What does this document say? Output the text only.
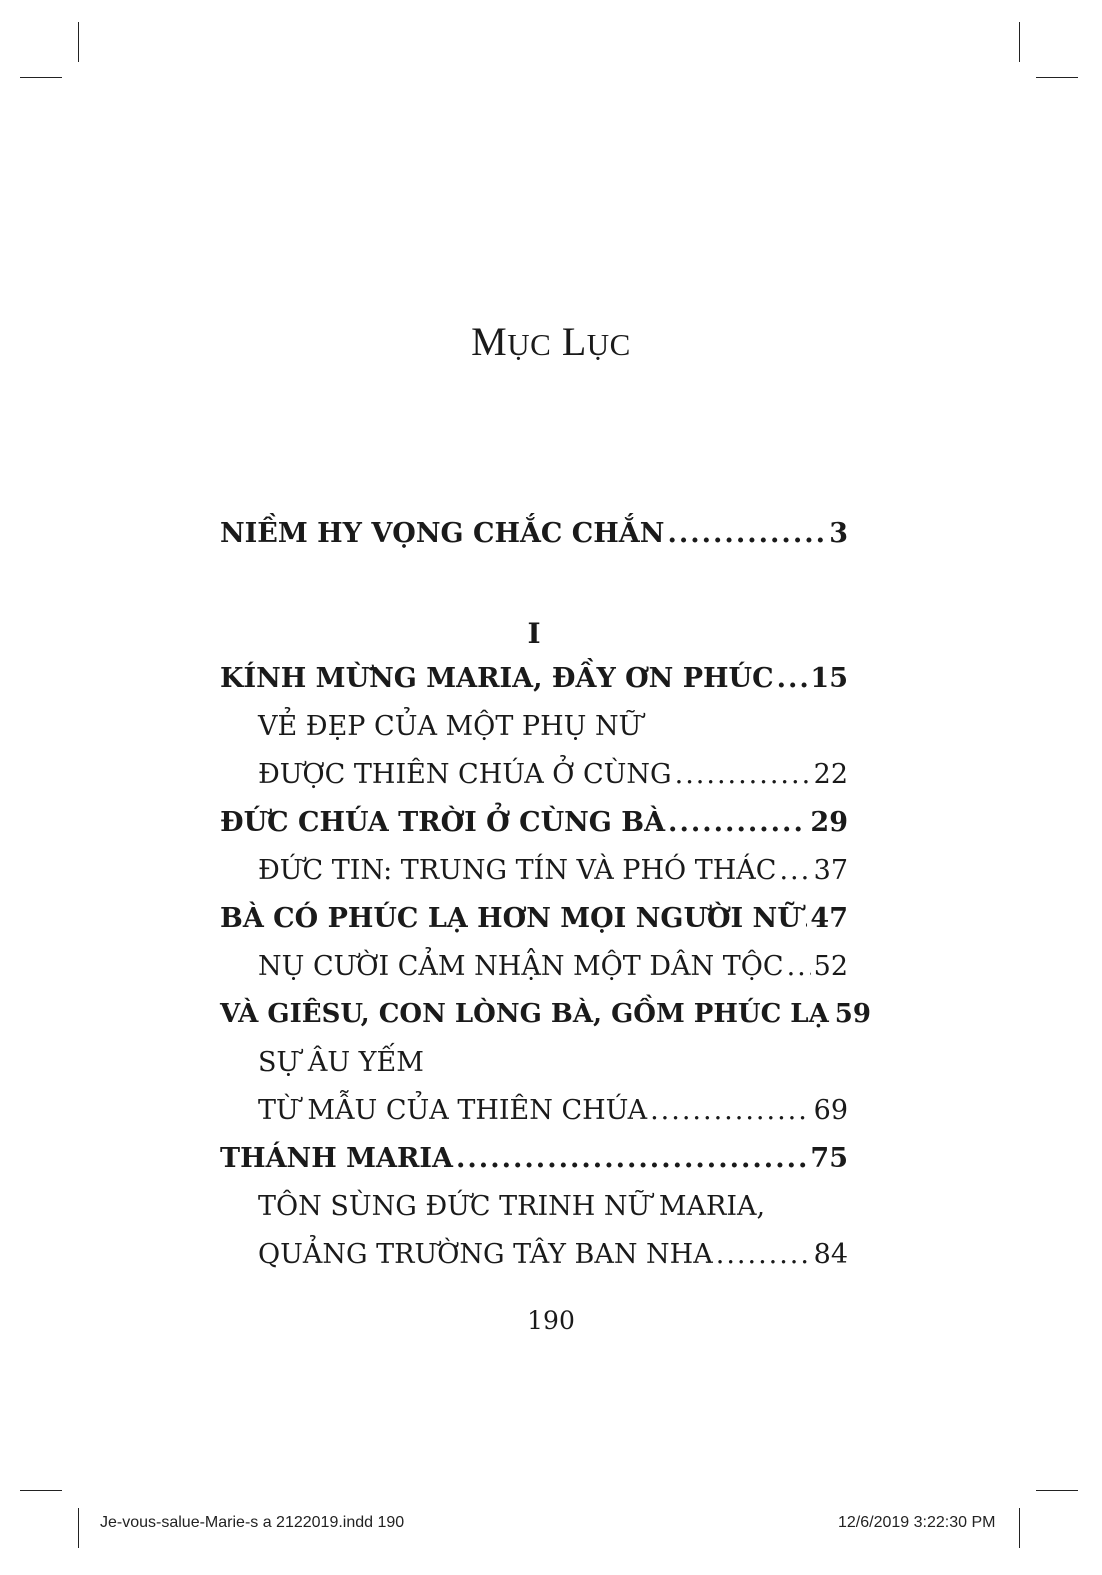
MỤC LỤC
NIỀM HY VỌNG CHẮC CHẮN .....	3
I
KÍNH MỪNG MARIA, ĐẦY ƠN PHÚC ..... 15
VẺ ĐẸP CỦA MỘT PHỤ NỮ
ĐƯỢC THIÊN CHÚA Ở CÙNG .....	22
ĐỨC CHÚA TRỜI Ở CÙNG BÀ .....	29
ĐỨC TIN: TRUNG TÍN VÀ PHÓ THÁC ..... 37
BÀ CÓ PHÚC LẠ HƠN MỌI NGƯỜI NỮ ..... 47
NỤ CƯỜI CẢM NHẬN MỘT DÂN TỘC ..... 52
VÀ GIÊSU, CON LÒNG BÀ, GỒM PHÚC LẠ 59
SỰ ÂU YẾM
TỪ MẪU CỦA THIÊN CHÚA .....	69
THÁNH MARIA .....	75
TÔN SÙNG ĐỨC TRINH NỮ MARIA,
QUẢNG TRƯỜNG TÂY BAN NHA .....	84
190
Je-vous-salue-Marie-s a 2122019.indd 190	12/6/2019 3:22:30 PM
